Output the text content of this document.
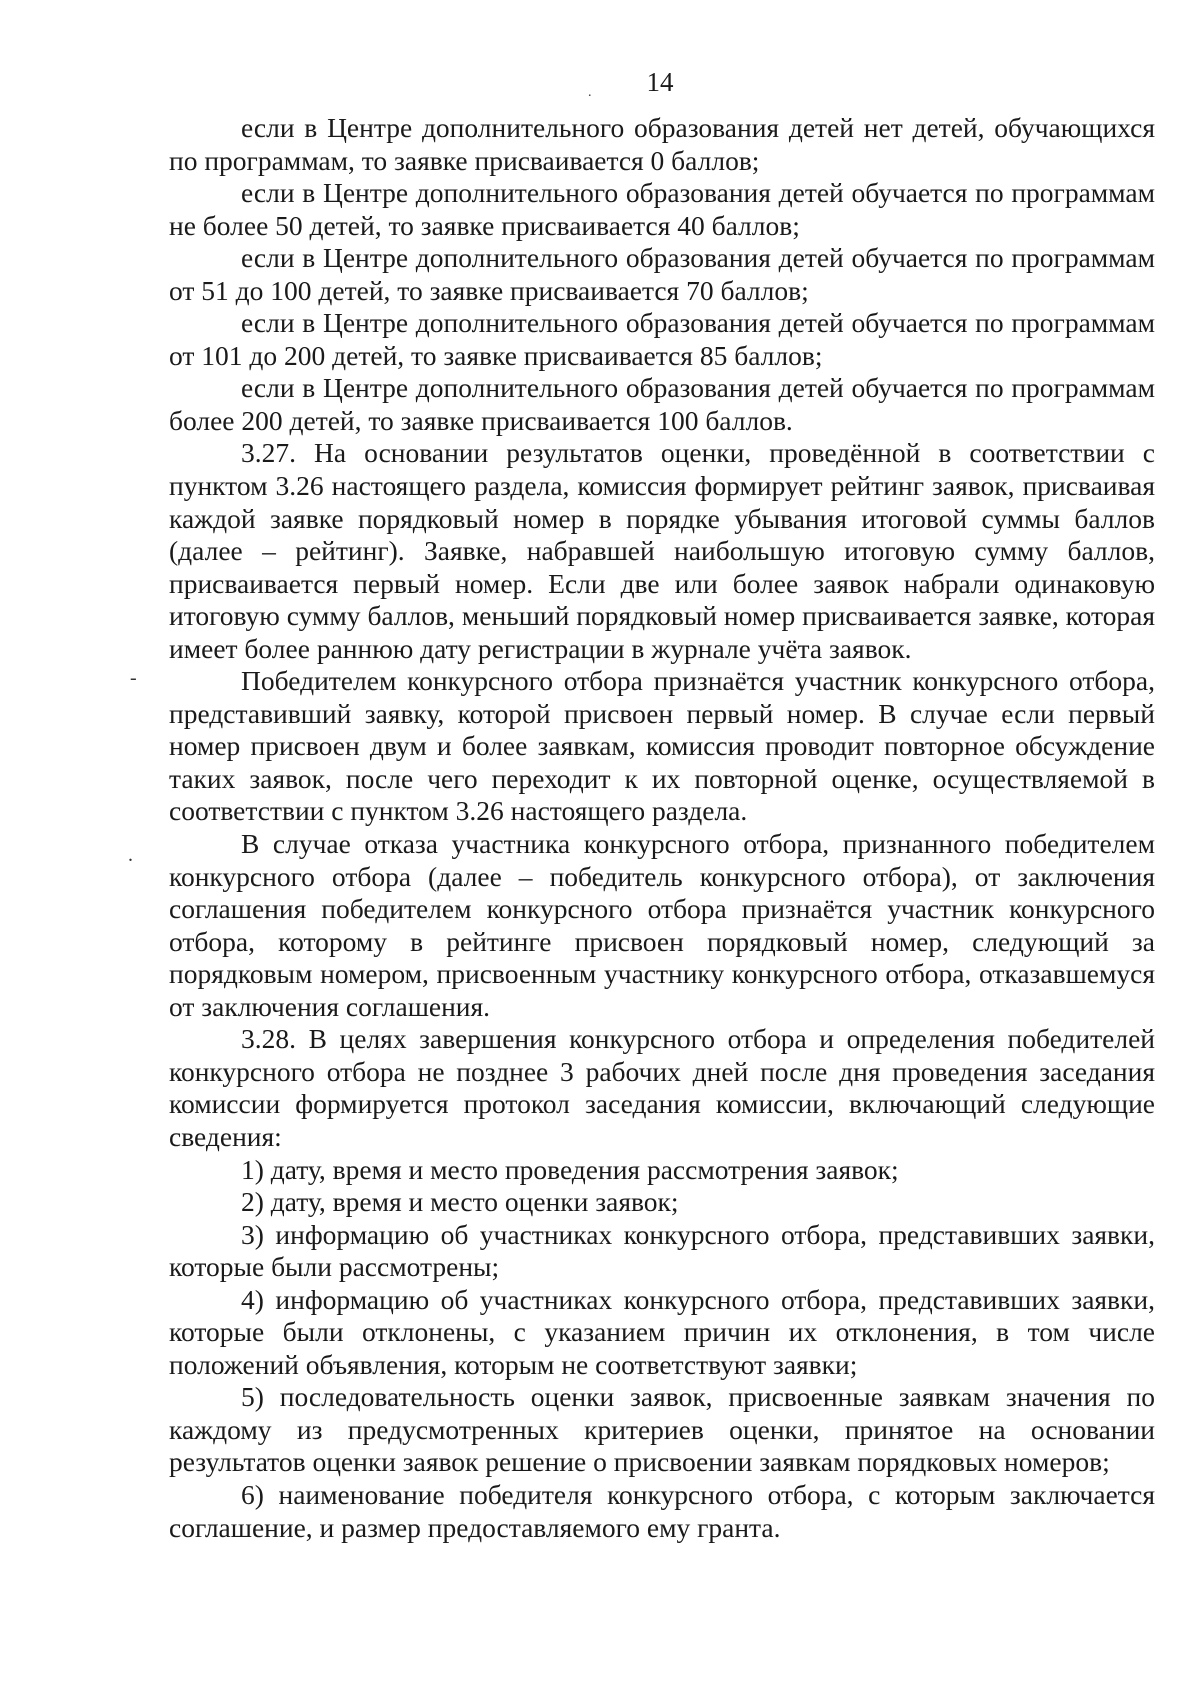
.	14
-
.

если в Центре дополнительного образования детей нет детей, обучающихся по программам, то заявке присваивается 0 баллов;

если в Центре дополнительного образования детей обучается по программам не более 50 детей, то заявке присваивается 40 баллов;

если в Центре дополнительного образования детей обучается по программам от 51 до 100 детей, то заявке присваивается 70 баллов;

если в Центре дополнительного образования детей обучается по программам от 101 до 200 детей, то заявке присваивается 85 баллов;

если в Центре дополнительного образования детей обучается по программам более 200 детей, то заявке присваивается 100 баллов.

3.27. На основании результатов оценки, проведённой в соответствии с пунктом 3.26 настоящего раздела, комиссия формирует рейтинг заявок, присваивая каждой заявке порядковый номер в порядке убывания итоговой суммы баллов (далее – рейтинг). Заявке, набравшей наибольшую итоговую сумму баллов, присваивается первый номер. Если две или более заявок набрали одинаковую итоговую сумму баллов, меньший порядковый номер присваивается заявке, которая имеет более раннюю дату регистрации в журнале учёта заявок.

Победителем конкурсного отбора признаётся участник конкурсного отбора, представивший заявку, которой присвоен первый номер. В случае если первый номер присвоен двум и более заявкам, комиссия проводит повторное обсуждение таких заявок, после чего переходит к их повторной оценке, осуществляемой в соответствии с пунктом 3.26 настоящего раздела.

В случае отказа участника конкурсного отбора, признанного победителем конкурсного отбора (далее – победитель конкурсного отбора), от заключения соглашения победителем конкурсного отбора признаётся участник конкурсного отбора, которому в рейтинге присвоен порядковый номер, следующий за порядковым номером, присвоенным участнику конкурсного отбора, отказавшемуся от заключения соглашения.

3.28. В целях завершения конкурсного отбора и определения победителей конкурсного отбора не позднее 3 рабочих дней после дня проведения заседания комиссии формируется протокол заседания комиссии, включающий следующие сведения:

1) дату, время и место проведения рассмотрения заявок;

2) дату, время и место оценки заявок;

3) информацию об участниках конкурсного отбора, представивших заявки, которые были рассмотрены;

4) информацию об участниках конкурсного отбора, представивших заявки, которые были отклонены, с указанием причин их отклонения, в том числе положений объявления, которым не соответствуют заявки;

5) последовательность оценки заявок, присвоенные заявкам значения по каждому из предусмотренных критериев оценки, принятое на основании результатов оценки заявок решение о присвоении заявкам порядковых номеров;

6) наименование победителя конкурсного отбора, с которым заключается соглашение, и размер предоставляемого ему гранта.
